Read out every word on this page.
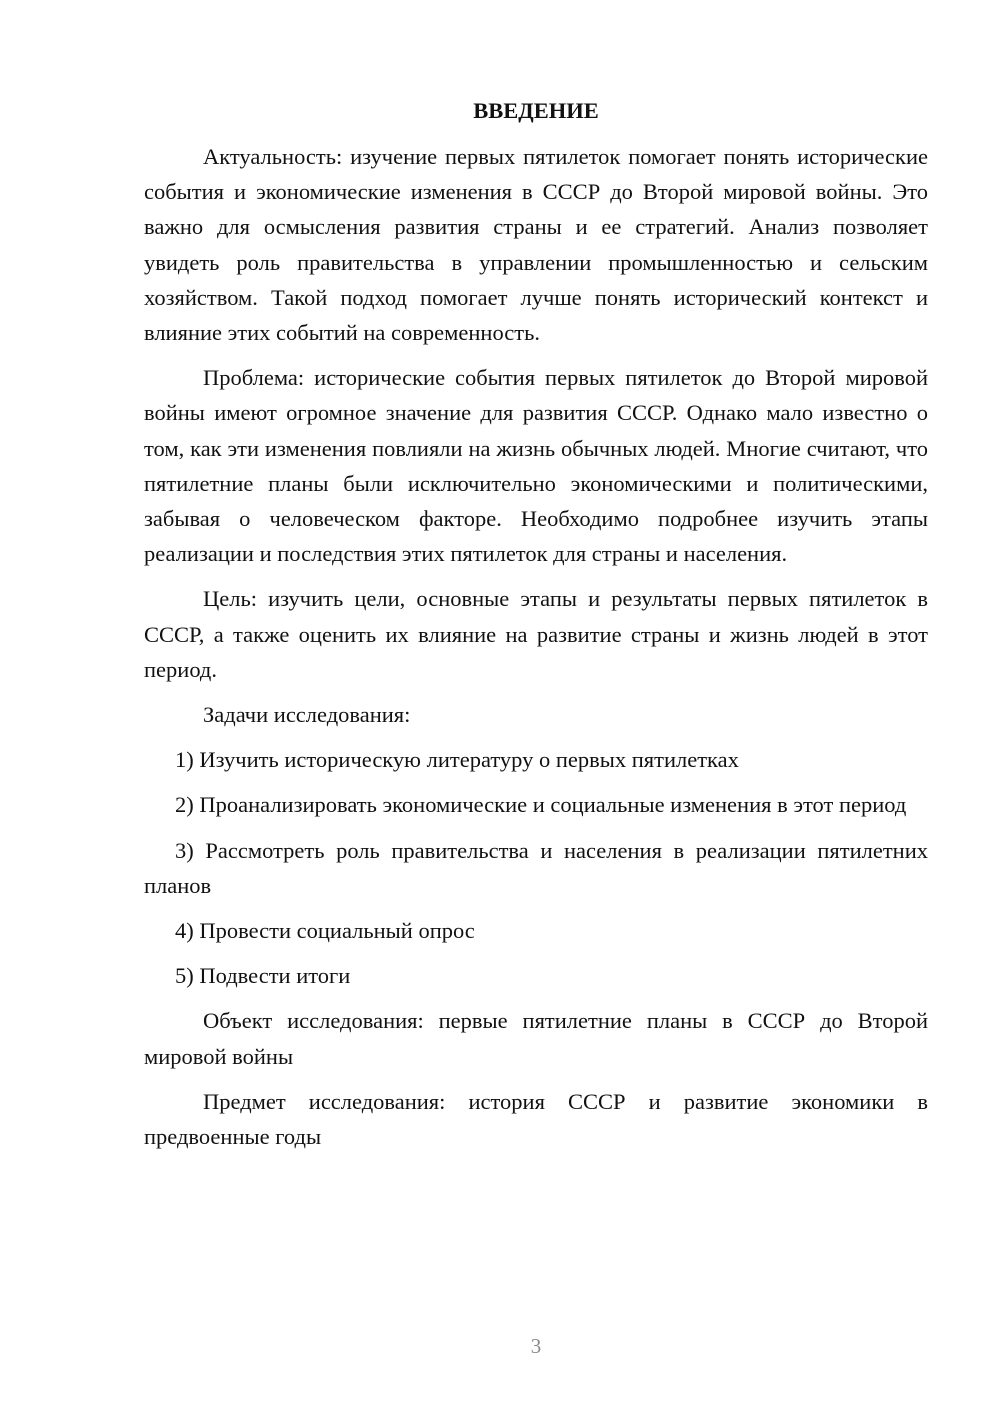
ВВЕДЕНИЕ

Актуальность: изучение первых пятилеток помогает понять исторические события и экономические изменения в СССР до Второй мировой войны. Это важно для осмысления развития страны и ее стратегий. Анализ позволяет увидеть роль правительства в управлении промышленностью и сельским хозяйством. Такой подход помогает лучше понять исторический контекст и влияние этих событий на современность.

Проблема: исторические события первых пятилеток до Второй мировой войны имеют огромное значение для развития СССР. Однако мало известно о том, как эти изменения повлияли на жизнь обычных людей. Многие считают, что пятилетние планы были исключительно экономическими и политическими, забывая о человеческом факторе. Необходимо подробнее изучить этапы реализации и последствия этих пятилеток для страны и населения.

Цель: изучить цели, основные этапы и результаты первых пятилеток в СССР, а также оценить их влияние на развитие страны и жизнь людей в этот период.

Задачи исследования:

1) Изучить историческую литературу о первых пятилетках

2) Проанализировать экономические и социальные изменения в этот период

3) Рассмотреть роль правительства и населения в реализации пятилетних планов

4) Провести социальный опрос

5) Подвести итоги

Объект исследования: первые пятилетние планы в СССР до Второй мировой войны

Предмет исследования: история СССР и развитие экономики в предвоенные годы

3
